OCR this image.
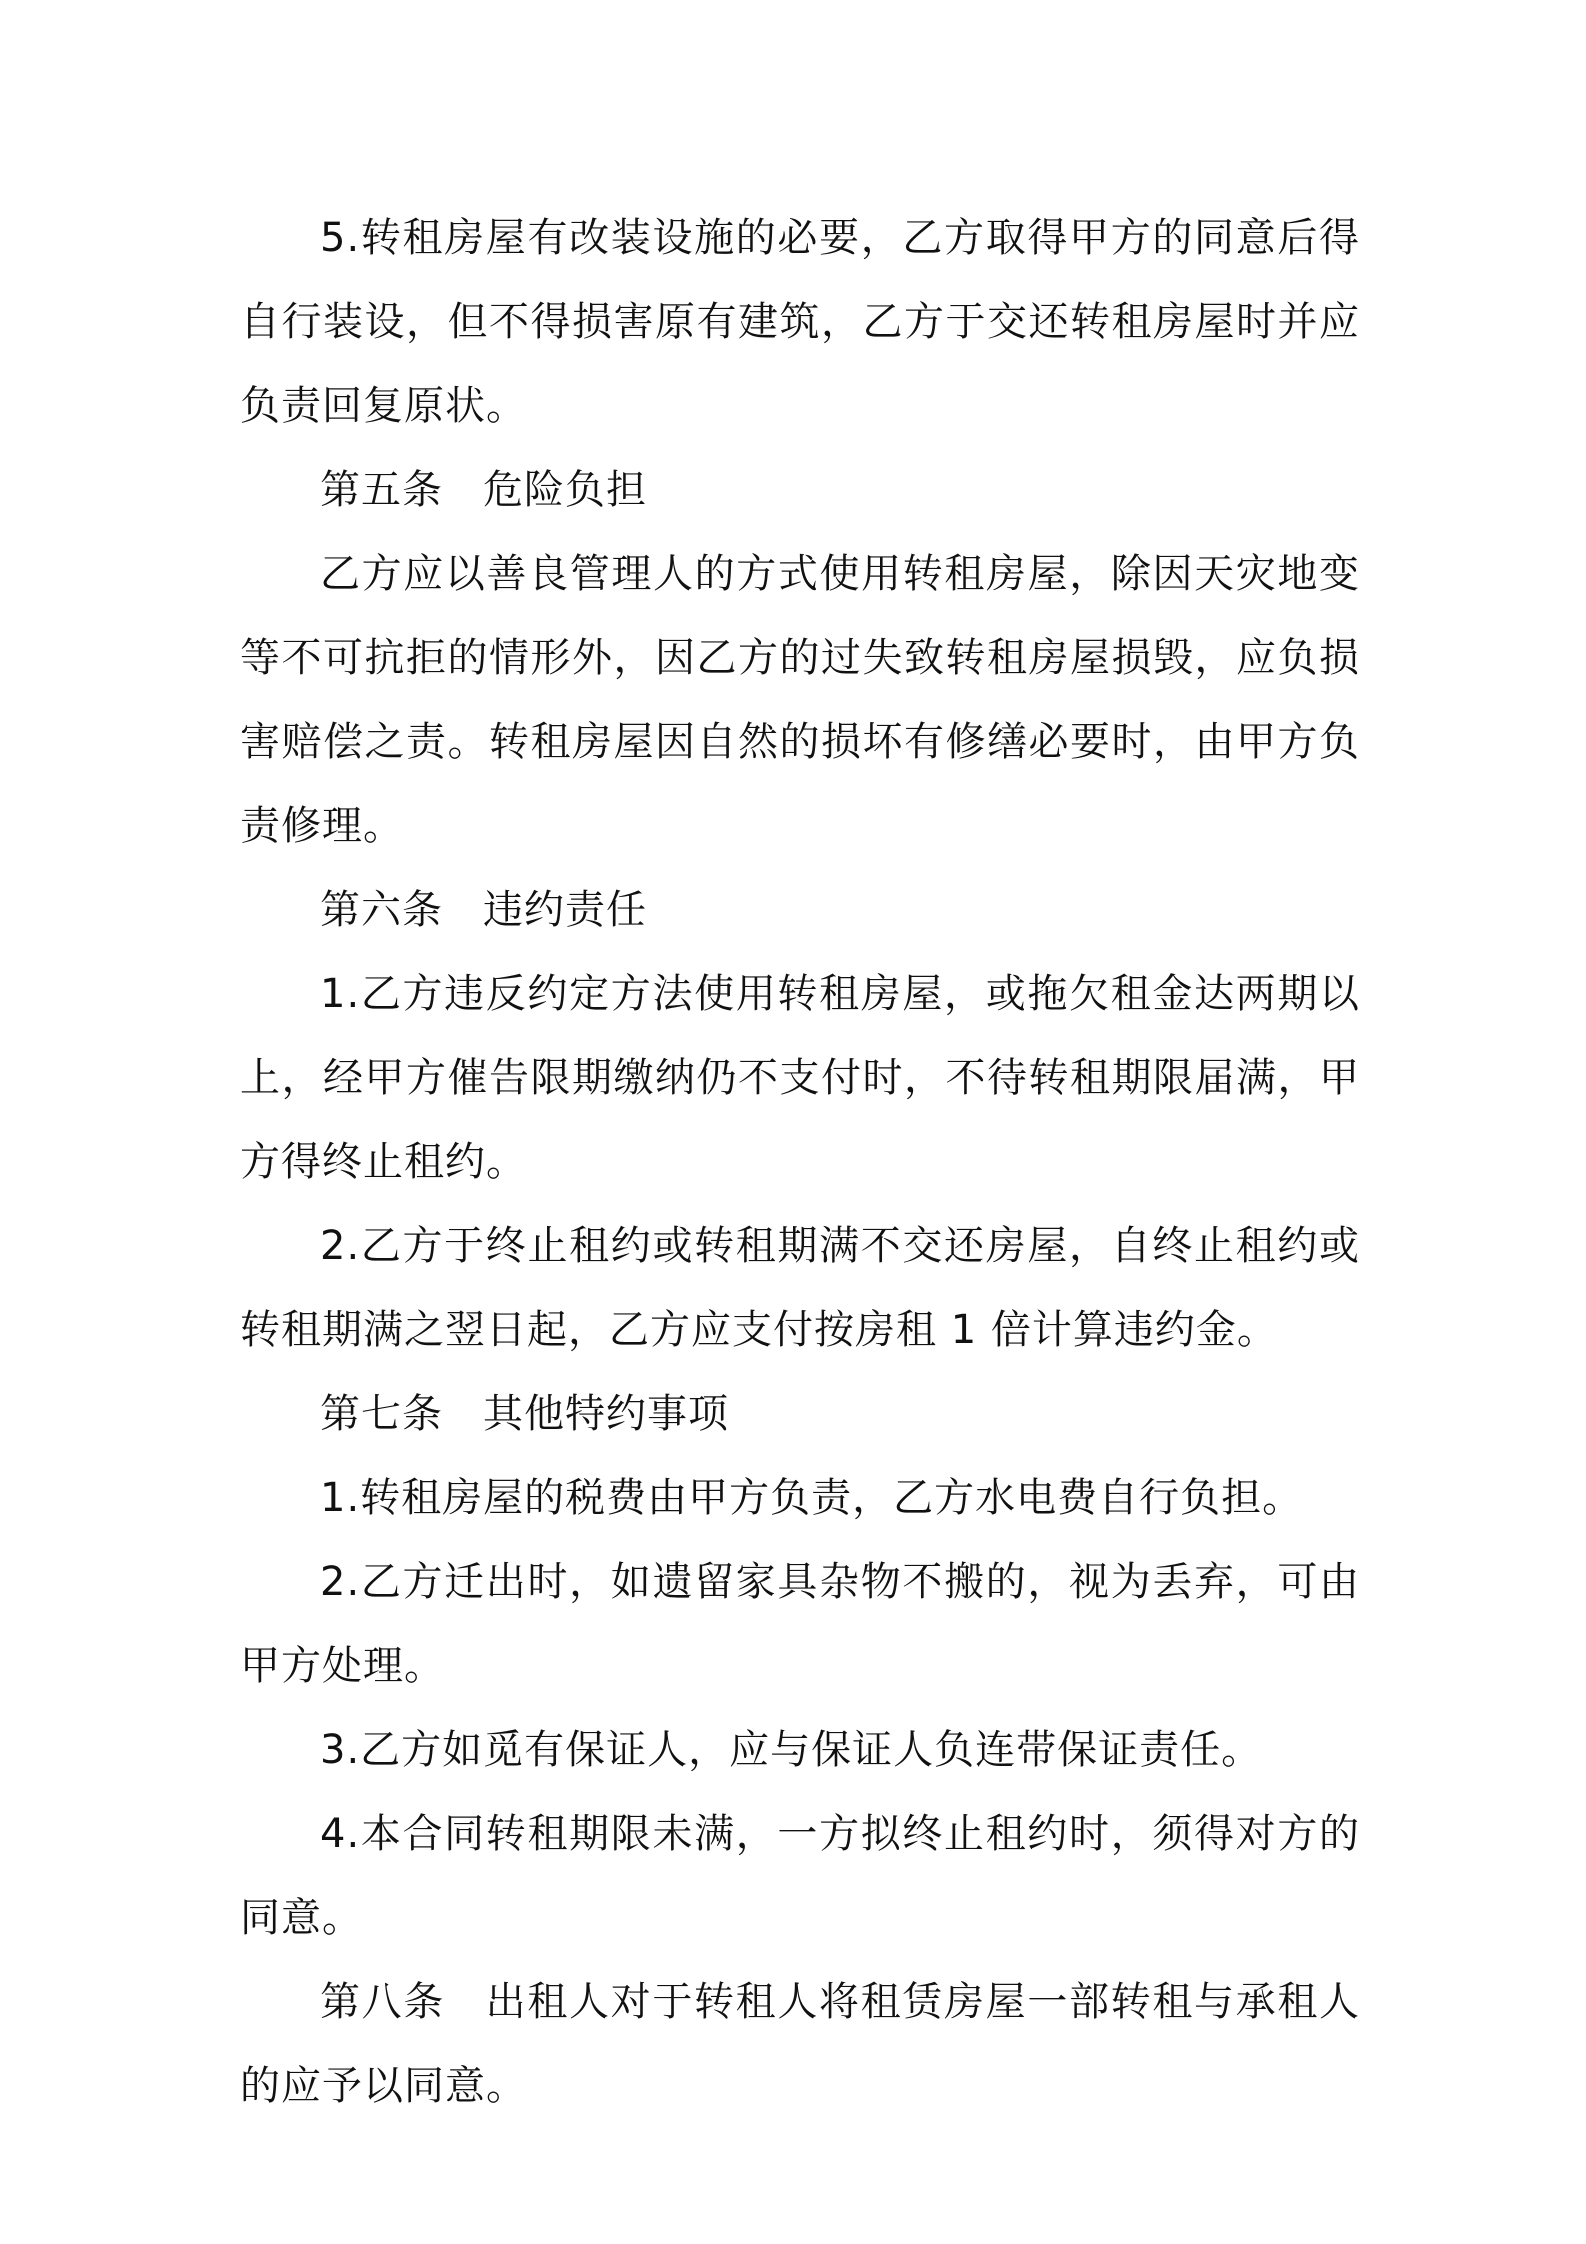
5.转租房屋有改装设施的必要，乙方取得甲方的同意后得自行装设，但不得损害原有建筑，乙方于交还转租房屋时并应负责回复原状。

第五条 危险负担

乙方应以善良管理人的方式使用转租房屋，除因天灾地变等不可抗拒的情形外，因乙方的过失致转租房屋损毁，应负损害赔偿之责。转租房屋因自然的损坏有修缮必要时，由甲方负责修理。

第六条 违约责任

1.乙方违反约定方法使用转租房屋，或拖欠租金达两期以上，经甲方催告限期缴纳仍不支付时，不待转租期限届满，甲方得终止租约。

2.乙方于终止租约或转租期满不交还房屋，自终止租约或转租期满之翌日起，乙方应支付按房租 1 倍计算违约金。

第七条 其他特约事项

1.转租房屋的税费由甲方负责，乙方水电费自行负担。

2.乙方迁出时，如遗留家具杂物不搬的，视为丢弃，可由甲方处理。

3.乙方如觅有保证人，应与保证人负连带保证责任。

4.本合同转租期限未满，一方拟终止租约时，须得对方的同意。

第八条 出租人对于转租人将租赁房屋一部转租与承租人的应予以同意。
